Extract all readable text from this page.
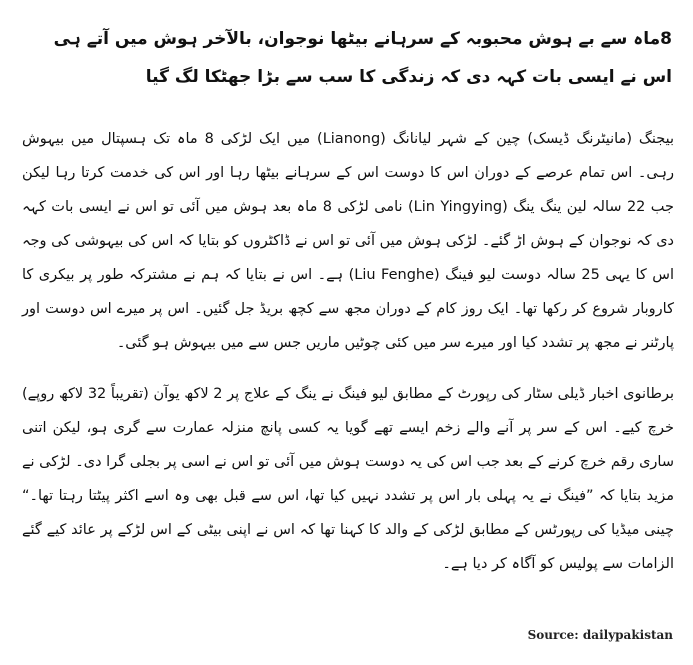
8ماہ سے بے ہوش محبوبہ کے سرہانے بیٹھا نوجوان، بالآخر ہوش میں آتے ہی اس نے ایسی بات کہہ دی کہ زندگی کا سب سے بڑا جھٹکا لگ گیا
بیجنگ (مانیٹرنگ ڈیسک) چین کے شہر لیانانگ (Lianong) میں ایک لڑکی 8 ماہ تک ہسپتال میں بیہوش رہی۔ اس تمام عرصے کے دوران اس کا دوست اس کے سرہانے بیٹھا رہا اور اس کی خدمت کرتا رہا لیکن جب 22 سالہ لین ینگ ینگ (Lin Yingying) نامی لڑکی 8 ماہ بعد ہوش میں آئی تو اس نے ایسی بات کہہ دی کہ نوجوان کے ہوش اڑ گئے۔ لڑکی ہوش میں آئی تو اس نے ڈاکٹروں کو بتایا کہ اس کی بیہوشی کی وجہ اس کا یہی 25 سالہ دوست لیو فینگ (Liu Fenghe) ہے۔ اس نے بتایا کہ ہم نے مشترکہ طور پر بیکری کا کاروبار شروع کر رکھا تھا۔ ایک روز کام کے دوران مجھ سے کچھ بریڈ جل گئیں۔ اس پر میرے اس دوست اور پارٹنر نے مجھ پر تشدد کیا اور میرے سر میں کئی چوٹیں ماریں جس سے میں بیہوش ہو گئی۔
برطانوی اخبار ڈیلی سٹار کی رپورٹ کے مطابق لیو فینگ نے ینگ کے علاج پر 2 لاکھ یوآن (تقریباً 32 لاکھ روپے) خرچ کیے۔ اس کے سر پر آنے والے زخم ایسے تھے گویا یہ کسی پانچ منزلہ عمارت سے گری ہو، لیکن اتنی ساری رقم خرچ کرنے کے بعد جب اس کی یہ دوست ہوش میں آئی تو اس نے اسی پر بجلی گرا دی۔ لڑکی نے مزید بتایا کہ ”فینگ نے یہ پہلی بار اس پر تشدد نہیں کیا تھا، اس سے قبل بھی وہ اسے اکثر پیٹتا رہتا تھا۔“ چینی میڈیا کی رپورٹس کے مطابق لڑکی کے والد کا کہنا تھا کہ اس نے اپنی بیٹی کے اس لڑکے پر عائد کیے گئے الزامات سے پولیس کو آگاہ کر دیا ہے۔
Source: dailypakistan
